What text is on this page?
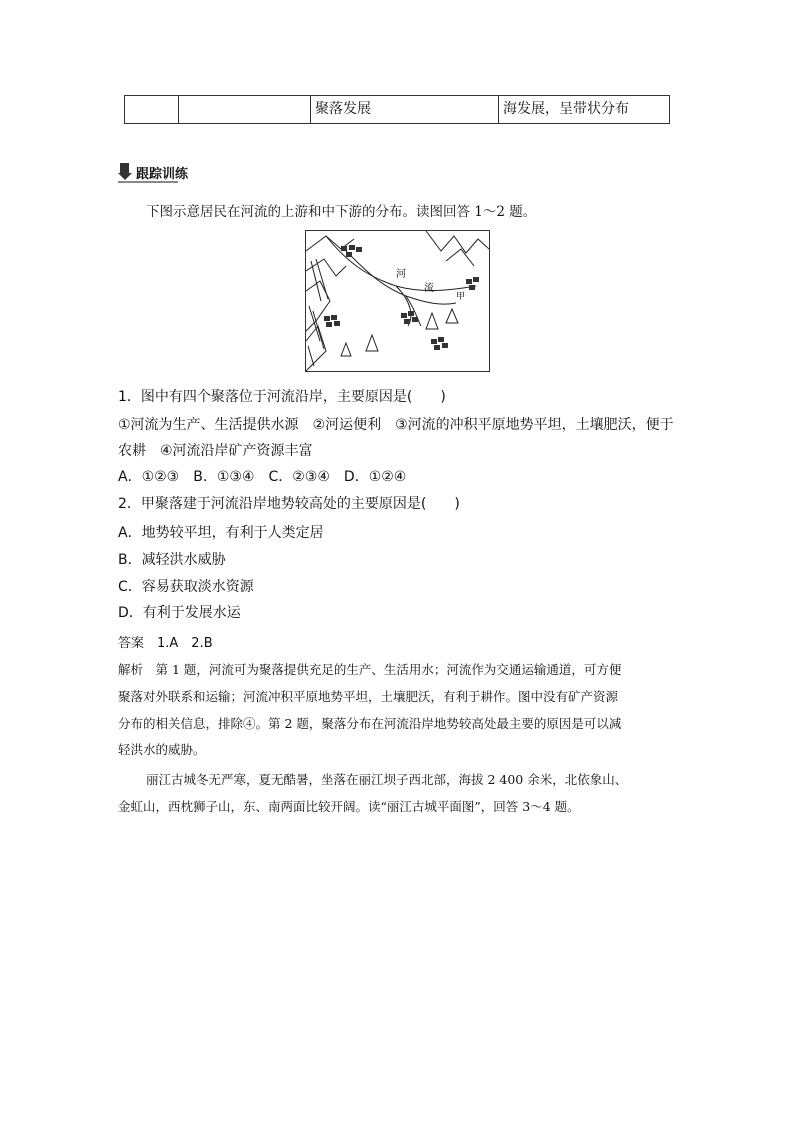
聚落发展	海发展，呈带状分布
跟踪训练
下图示意居民在河流的上游和中下游的分布。读图回答 1～2 题。
河
流
甲
1．图中有四个聚落位于河流沿岸，主要原因是(　　)
①河流为生产、生活提供水源　②河运便利　③河流的冲积平原地势平坦，土壤肥沃，便于
农耕　④河流沿岸矿产资源丰富
A．①②③　B．①③④　C．②③④　D．①②④
2．甲聚落建于河流沿岸地势较高处的主要原因是(　　)
A．地势较平坦，有利于人类定居
B．减轻洪水威胁
C．容易获取淡水资源
D．有利于发展水运
答案　1.A　2.B
解析　第 1 题，河流可为聚落提供充足的生产、生活用水；河流作为交通运输通道，可方便
聚落对外联系和运输；河流冲积平原地势平坦，土壤肥沃，有利于耕作。图中没有矿产资源
分布的相关信息，排除④。第 2 题，聚落分布在河流沿岸地势较高处最主要的原因是可以减
轻洪水的威胁。
丽江古城冬无严寒，夏无酷暑，坐落在丽江坝子西北部，海拔 2 400 余米，北依象山、
金虹山，西枕狮子山，东、南两面比较开阔。读“丽江古城平面图”，回答 3～4 题。
